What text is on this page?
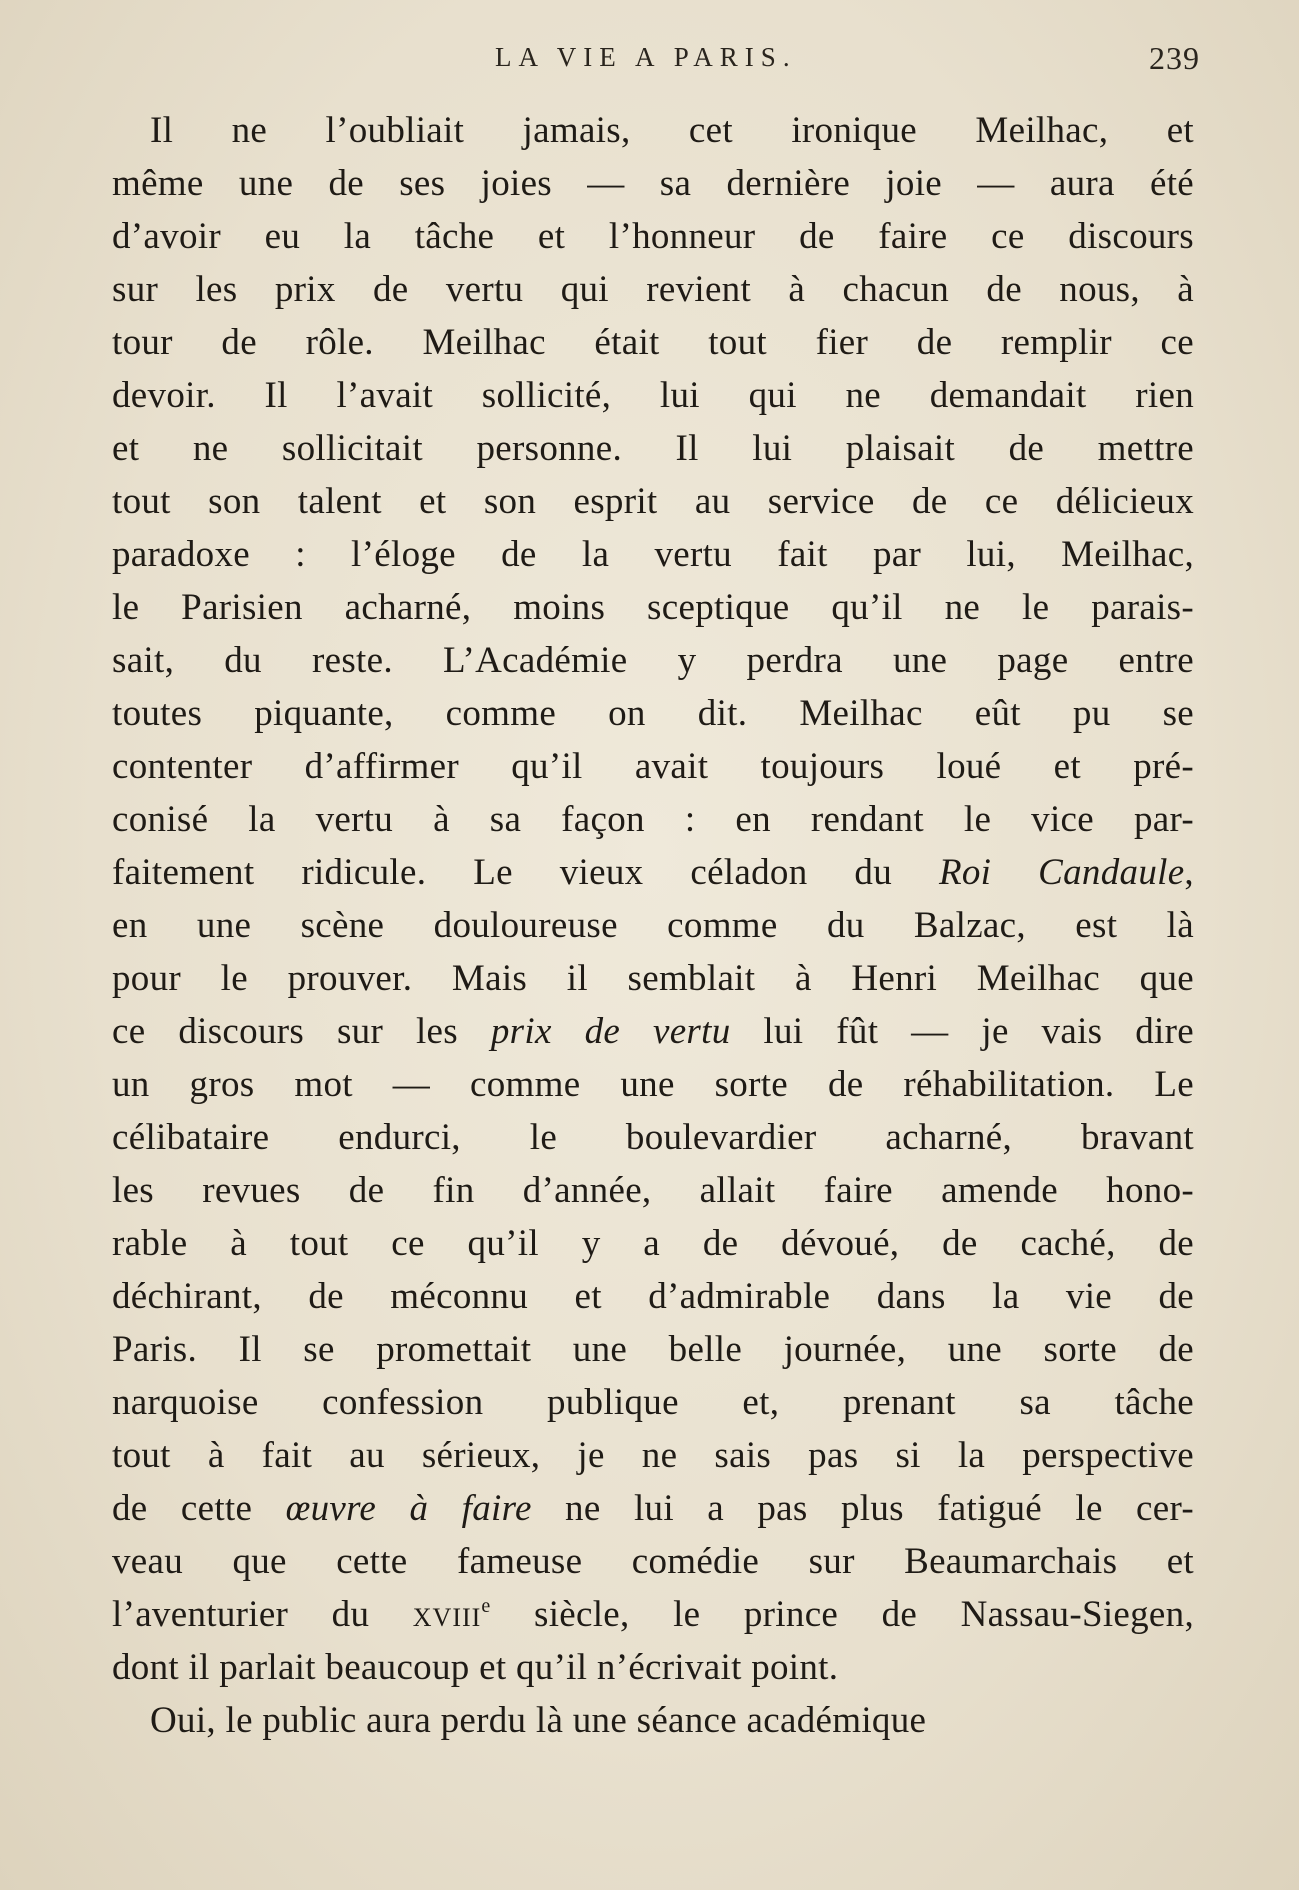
LA VIE A PARIS.	239
Il ne l’oubliait jamais, cet ironique Meilhac, et
même une de ses joies — sa dernière joie — aura été
d’avoir eu la tâche et l’honneur de faire ce discours
sur les prix de vertu qui revient à chacun de nous, à
tour de rôle. Meilhac était tout fier de remplir ce
devoir. Il l’avait sollicité, lui qui ne demandait rien
et ne sollicitait personne. Il lui plaisait de mettre
tout son talent et son esprit au service de ce délicieux
paradoxe : l’éloge de la vertu fait par lui, Meilhac,
le Parisien acharné, moins sceptique qu’il ne le parais-
sait, du reste. L’Académie y perdra une page entre
toutes piquante, comme on dit. Meilhac eût pu se
contenter d’affirmer qu’il avait toujours loué et pré-
conisé la vertu à sa façon : en rendant le vice par-
faitement ridicule. Le vieux céladon du Roi Candaule,
en une scène douloureuse comme du Balzac, est là
pour le prouver. Mais il semblait à Henri Meilhac que
ce discours sur les prix de vertu lui fût — je vais dire
un gros mot — comme une sorte de réhabilitation. Le
célibataire endurci, le boulevardier acharné, bravant
les revues de fin d’année, allait faire amende hono-
rable à tout ce qu’il y a de dévoué, de caché, de
déchirant, de méconnu et d’admirable dans la vie de
Paris. Il se promettait une belle journée, une sorte de
narquoise confession publique et, prenant sa tâche
tout à fait au sérieux, je ne sais pas si la perspective
de cette œuvre à faire ne lui a pas plus fatigué le cer-
veau que cette fameuse comédie sur Beaumarchais et
l’aventurier du xviii$^e$ siècle, le prince de Nassau-Siegen,
dont il parlait beaucoup et qu’il n’écrivait point.
Oui, le public aura perdu là une séance académique
